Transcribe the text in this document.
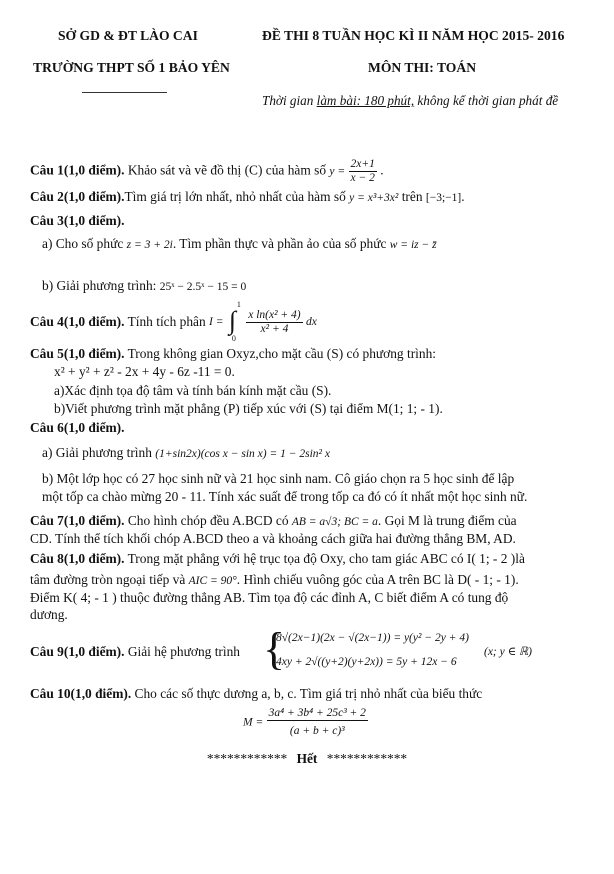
SỞ GD & ĐT LÀO CAI	ĐỀ THI 8 TUẦN HỌC KÌ II NĂM HỌC 2015- 2016
TRƯỜNG THPT SỐ 1 BẢO YÊN	MÔN THI: TOÁN
Thời gian làm bài: 180 phút, không kể thời gian phát đề
Câu 1(1,0 điểm). Khảo sát và vẽ đồ thị (C) của hàm số $y = \frac{2x+1}{x - 2}$ .
Câu 2(1,0 điểm).Tìm giá trị lớn nhất, nhỏ nhất của hàm số y = x³+3x² trên [−3;−1].
Câu 3(1,0 điểm).
a) Cho số phức z = 3 + 2i. Tìm phần thực và phần ảo của số phức w = iz − z̄
b) Giải phương trình: 25ˣ − 2.5ˣ − 15 = 0
Câu 4(1,0 điểm). Tính tích phân I = ∫
1
0

$\frac{\text{x ln(x² + 4)}}{\text{x² + 4}}$ dx
Câu 5(1,0 điểm). Trong không gian Oxyz,cho mặt cầu (S) có phương trình:
x² + y² + z² - 2x + 4y - 6z -11 = 0.
a)Xác định tọa độ tâm và tính bán kính mặt cầu (S).
b)Viết phương trình mặt phẳng (P) tiếp xúc với (S) tại điểm M(1; 1; - 1).
Câu 6(1,0 điểm).
a) Giải phương trình (1+sin2x)(cos x − sin x) = 1 − 2sin² x
b) Một lớp học có 27 học sinh nữ và 21 học sinh nam. Cô giáo chọn ra 5 học sinh để lập
một tốp ca chào mừng 20 - 11. Tính xác suất để trong tốp ca đó có ít nhất một học sinh nữ.
Câu 7(1,0 điểm). Cho hình chóp đều A.BCD có AB = a√3; BC = a. Gọi M là trung điểm của
CD. Tính thể tích khối chóp A.BCD theo a và khoảng cách giữa hai đường thẳng BM, AD.
Câu 8(1,0 điểm). Trong mặt phẳng với hệ trục tọa độ Oxy, cho tam giác ABC có I( 1; - 2 )là
tâm đường tròn ngoại tiếp và AIC = 90°. Hình chiếu vuông góc của A trên BC là D( - 1; - 1).
Điểm K( 4; - 1 ) thuộc đường thẳng AB. Tìm tọa độ các đỉnh A, C biết điểm A có tung độ
dương.
Câu 9(1,0 điểm). Giải hệ phương trình {
8√(2x−1)(2x − √(2x−1)) = y(y² − 2y + 4)
4xy + 2√((y+2)(y+2x)) = 5y + 12x − 6
(x; y ∈ ℝ)
Câu 10(1,0 điểm). Cho các số thực dương a, b, c. Tìm giá trị nhỏ nhất của biểu thức
$M = \frac{\text{3a⁴ + 3b⁴ + 25c³ + 2}}{\text{(a + b + c)³}}$
************ Hết ************
